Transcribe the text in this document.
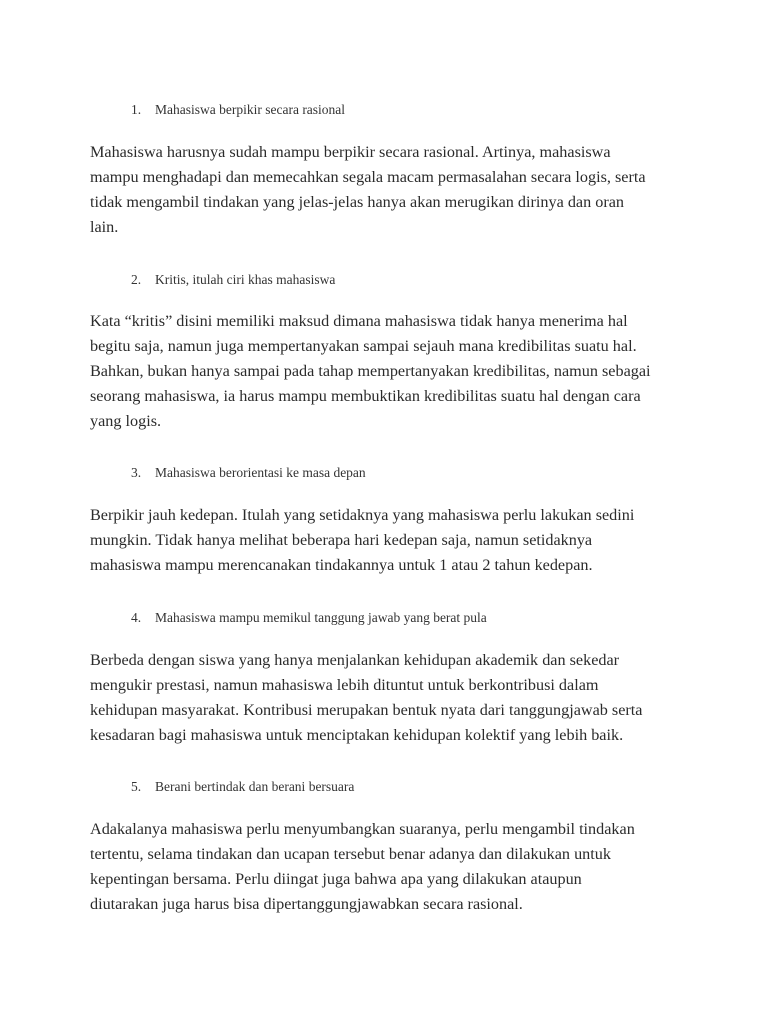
1. Mahasiswa berpikir secara rasional
Mahasiswa harusnya sudah mampu berpikir secara rasional. Artinya, mahasiswa
mampu menghadapi dan memecahkan segala macam permasalahan secara logis, serta
tidak mengambil tindakan yang jelas-jelas hanya akan merugikan dirinya dan oran
lain.
2. Kritis, itulah ciri khas mahasiswa
Kata “kritis” disini memiliki maksud dimana mahasiswa tidak hanya menerima hal
begitu saja, namun juga mempertanyakan sampai sejauh mana kredibilitas suatu hal.
Bahkan, bukan hanya sampai pada tahap mempertanyakan kredibilitas, namun sebagai
seorang mahasiswa, ia harus mampu membuktikan kredibilitas suatu hal dengan cara
yang logis.
3. Mahasiswa berorientasi ke masa depan
Berpikir jauh kedepan. Itulah yang setidaknya yang mahasiswa perlu lakukan sedini
mungkin. Tidak hanya melihat beberapa hari kedepan saja, namun setidaknya
mahasiswa mampu merencanakan tindakannya untuk 1 atau 2 tahun kedepan.
4. Mahasiswa mampu memikul tanggung jawab yang berat pula
Berbeda dengan siswa yang hanya menjalankan kehidupan akademik dan sekedar
mengukir prestasi, namun mahasiswa lebih dituntut untuk berkontribusi dalam
kehidupan masyarakat. Kontribusi merupakan bentuk nyata dari tanggungjawab serta
kesadaran bagi mahasiswa untuk menciptakan kehidupan kolektif yang lebih baik.
5. Berani bertindak dan berani bersuara
Adakalanya mahasiswa perlu menyumbangkan suaranya, perlu mengambil tindakan
tertentu, selama tindakan dan ucapan tersebut benar adanya dan dilakukan untuk
kepentingan bersama. Perlu diingat juga bahwa apa yang dilakukan ataupun
diutarakan juga harus bisa dipertanggungjawabkan secara rasional.
